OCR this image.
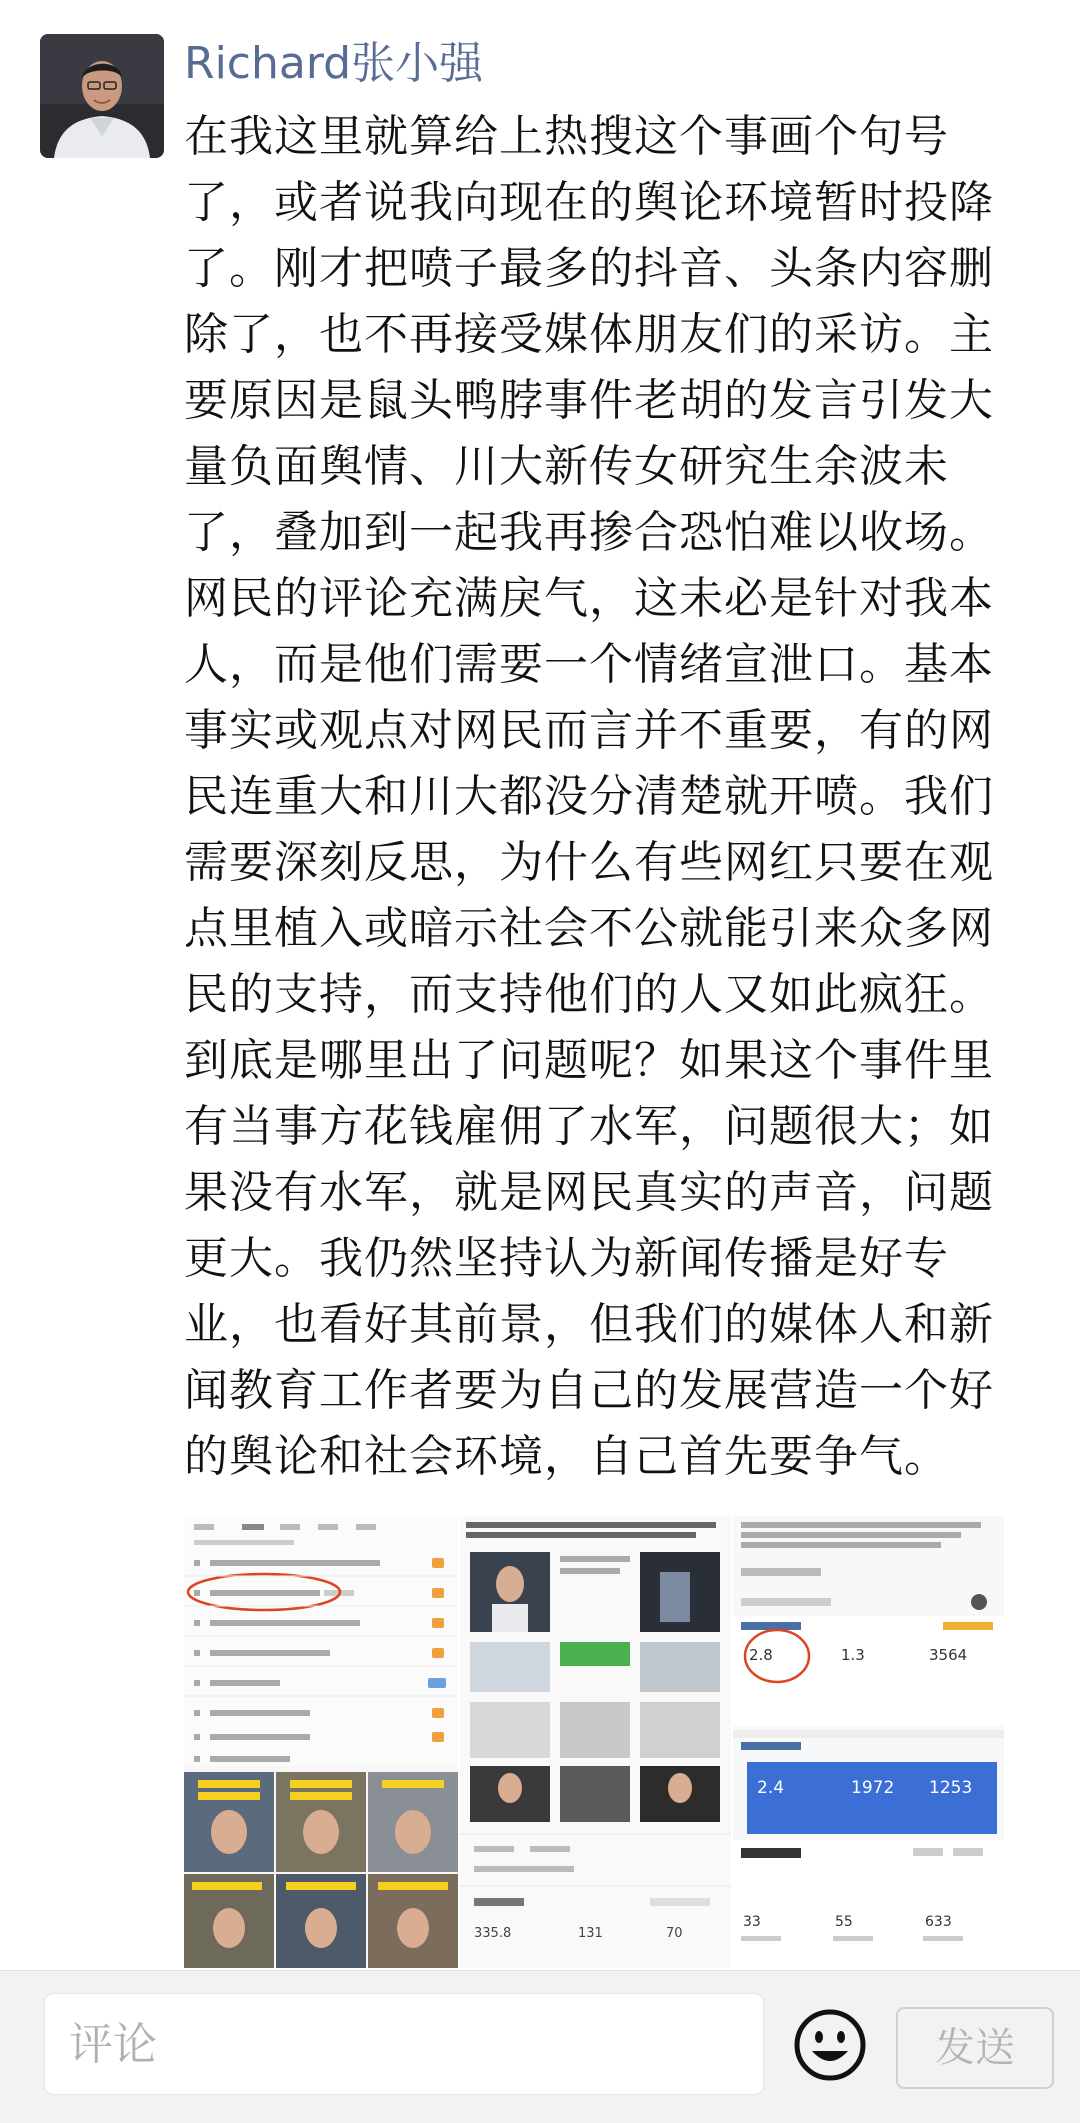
Richard张小强

在我这里就算给上热搜这个事画个句号了，或者说我向现在的舆论环境暂时投降了。刚才把喷子最多的抖音、头条内容删除了，也不再接受媒体朋友们的采访。主要原因是鼠头鸭脖事件老胡的发言引发大量负面舆情、川大新传女研究生余波未了，叠加到一起我再掺合恐怕难以收场。网民的评论充满戾气，这未必是针对我本人，而是他们需要一个情绪宣泄口。基本事实或观点对网民而言并不重要，有的网民连重大和川大都没分清楚就开喷。我们需要深刻反思，为什么有些网红只要在观点里植入或暗示社会不公就能引来众多网民的支持，而支持他们的人又如此疯狂。到底是哪里出了问题呢？如果这个事件里有当事方花钱雇佣了水军，问题很大；如果没有水军，就是网民真实的声音，问题更大。我仍然坚持认为新闻传播是好专业，也看好其前景，但我们的媒体人和新闻教育工作者要为自己的发展营造一个好的舆论和社会环境，自己首先要争气。

335.8	131	70
2.8	1.3	3564
2.4	1972 1253
33	55	633
评论	发送
